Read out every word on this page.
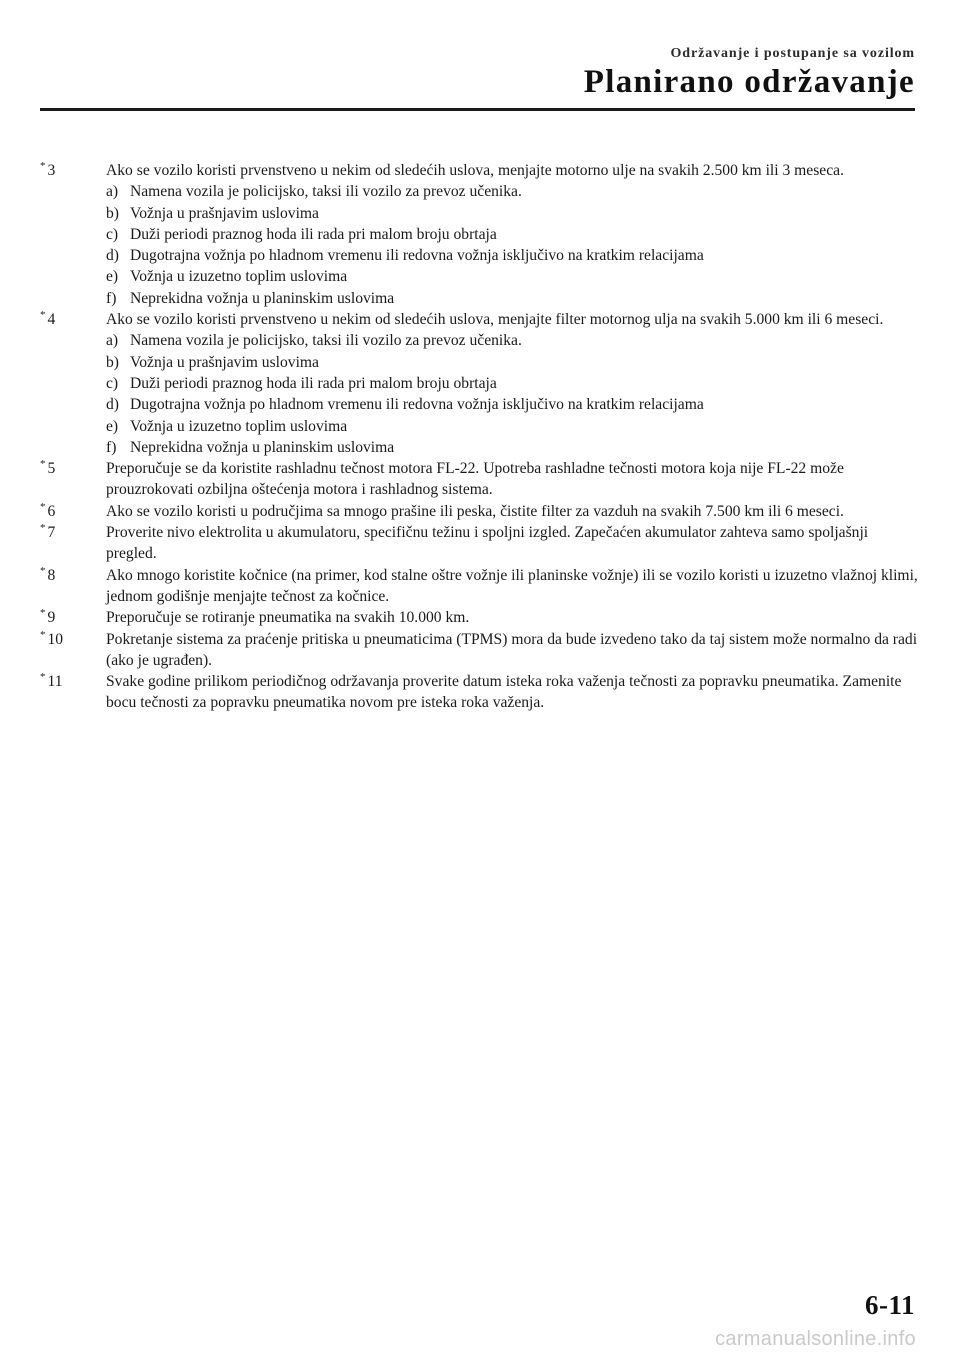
Održavanje i postupanje sa vozilom
Planirano održavanje
* 3	Ako se vozilo koristi prvenstveno u nekim od sledećih uslova, menjajte motorno ulje na svakih 2.500 km ili 3 meseca.
a) Namena vozila je policijsko, taksi ili vozilo za prevoz učenika.
b) Vožnja u prašnjavim uslovima
c) Duži periodi praznog hoda ili rada pri malom broju obrtaja
d) Dugotrajna vožnja po hladnom vremenu ili redovna vožnja isključivo na kratkim relacijama
e) Vožnja u izuzetno toplim uslovima
f) Neprekidna vožnja u planinskim uslovima
* 4	Ako se vozilo koristi prvenstveno u nekim od sledećih uslova, menjajte filter motornog ulja na svakih 5.000 km ili 6 meseci.
a) Namena vozila je policijsko, taksi ili vozilo za prevoz učenika.
b) Vožnja u prašnjavim uslovima
c) Duži periodi praznog hoda ili rada pri malom broju obrtaja
d) Dugotrajna vožnja po hladnom vremenu ili redovna vožnja isključivo na kratkim relacijama
e) Vožnja u izuzetno toplim uslovima
f) Neprekidna vožnja u planinskim uslovima
* 5	Preporučuje se da koristite rashladnu tečnost motora FL-22. Upotreba rashladne tečnosti motora koja nije FL-22 može prouzrokovati ozbiljna oštećenja motora i rashladnog sistema.
* 6	Ako se vozilo koristi u područjima sa mnogo prašine ili peska, čistite filter za vazduh na svakih 7.500 km ili 6 meseci.
* 7	Proverite nivo elektrolita u akumulatoru, specifičnu težinu i spoljni izgled. Zapečaćen akumulator zahteva samo spoljašnji pregled.
* 8	Ako mnogo koristite kočnice (na primer, kod stalne oštre vožnje ili planinske vožnje) ili se vozilo koristi u izuzetno vlažnoj klimi, jednom godišnje menjajte tečnost za kočnice.
* 9	Preporučuje se rotiranje pneumatika na svakih 10.000 km.
* 10	Pokretanje sistema za praćenje pritiska u pneumaticima (TPMS) mora da bude izvedeno tako da taj sistem može normalno da radi (ako je ugrađen).
* 11	Svake godine prilikom periodičnog održavanja proverite datum isteka roka važenja tečnosti za popravku pneumatika. Zamenite bocu tečnosti za popravku pneumatika novom pre isteka roka važenja.
6-11
carmanualsonline.info
